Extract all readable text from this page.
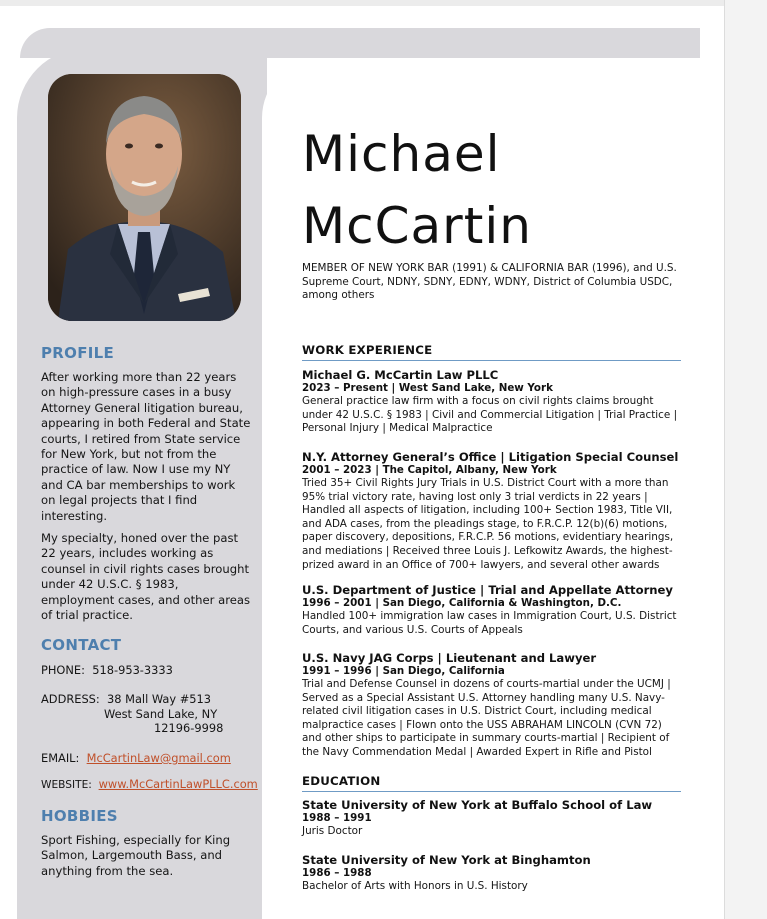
PROFILE
After working more than 22 years on high-pressure cases in a busy Attorney General litigation bureau, appearing in both Federal and State courts, I retired from State service for New York, but not from the practice of law. Now I use my NY and CA bar memberships to work on legal projects that I find interesting.
My specialty, honed over the past 22 years, includes working as counsel in civil rights cases brought under 42 U.S.C. § 1983, employment cases, and other areas of trial practice.
CONTACT
PHONE: 518-953-3333
ADDRESS: 38 Mall Way #513
West Sand Lake, NY
12196-9998
EMAIL: McCartinLaw@gmail.com
WEBSITE: www.McCartinLawPLLC.com
HOBBIES
Sport Fishing, especially for King Salmon, Largemouth Bass, and anything from the sea.
Michael
McCartin
MEMBER OF NEW YORK BAR (1991) & CALIFORNIA BAR (1996), and U.S. Supreme Court, NDNY, SDNY, EDNY, WDNY, District of Columbia USDC, among others
WORK EXPERIENCE
Michael G. McCartin Law PLLC
2023 – Present | West Sand Lake, New York
General practice law firm with a focus on civil rights claims brought under 42 U.S.C. § 1983 | Civil and Commercial Litigation | Trial Practice | Personal Injury | Medical Malpractice
N.Y. Attorney General’s Office | Litigation Special Counsel
2001 – 2023 | The Capitol, Albany, New York
Tried 35+ Civil Rights Jury Trials in U.S. District Court with a more than 95% trial victory rate, having lost only 3 trial verdicts in 22 years | Handled all aspects of litigation, including 100+ Section 1983, Title VII, and ADA cases, from the pleadings stage, to F.R.C.P. 12(b)(6) motions, paper discovery, depositions, F.R.C.P. 56 motions, evidentiary hearings, and mediations | Received three Louis J. Lefkowitz Awards, the highest-prized award in an Office of 700+ lawyers, and several other awards
U.S. Department of Justice | Trial and Appellate Attorney
1996 – 2001 | San Diego, California & Washington, D.C.
Handled 100+ immigration law cases in Immigration Court, U.S. District Courts, and various U.S. Courts of Appeals
U.S. Navy JAG Corps | Lieutenant and Lawyer
1991 – 1996 | San Diego, California
Trial and Defense Counsel in dozens of courts-martial under the UCMJ | Served as a Special Assistant U.S. Attorney handling many U.S. Navy-related civil litigation cases in U.S. District Court, including medical malpractice cases | Flown onto the USS ABRAHAM LINCOLN (CVN 72) and other ships to participate in summary courts-martial | Recipient of the Navy Commendation Medal | Awarded Expert in Rifle and Pistol
EDUCATION
State University of New York at Buffalo School of Law
1988 – 1991
Juris Doctor
State University of New York at Binghamton
1986 – 1988
Bachelor of Arts with Honors in U.S. History
